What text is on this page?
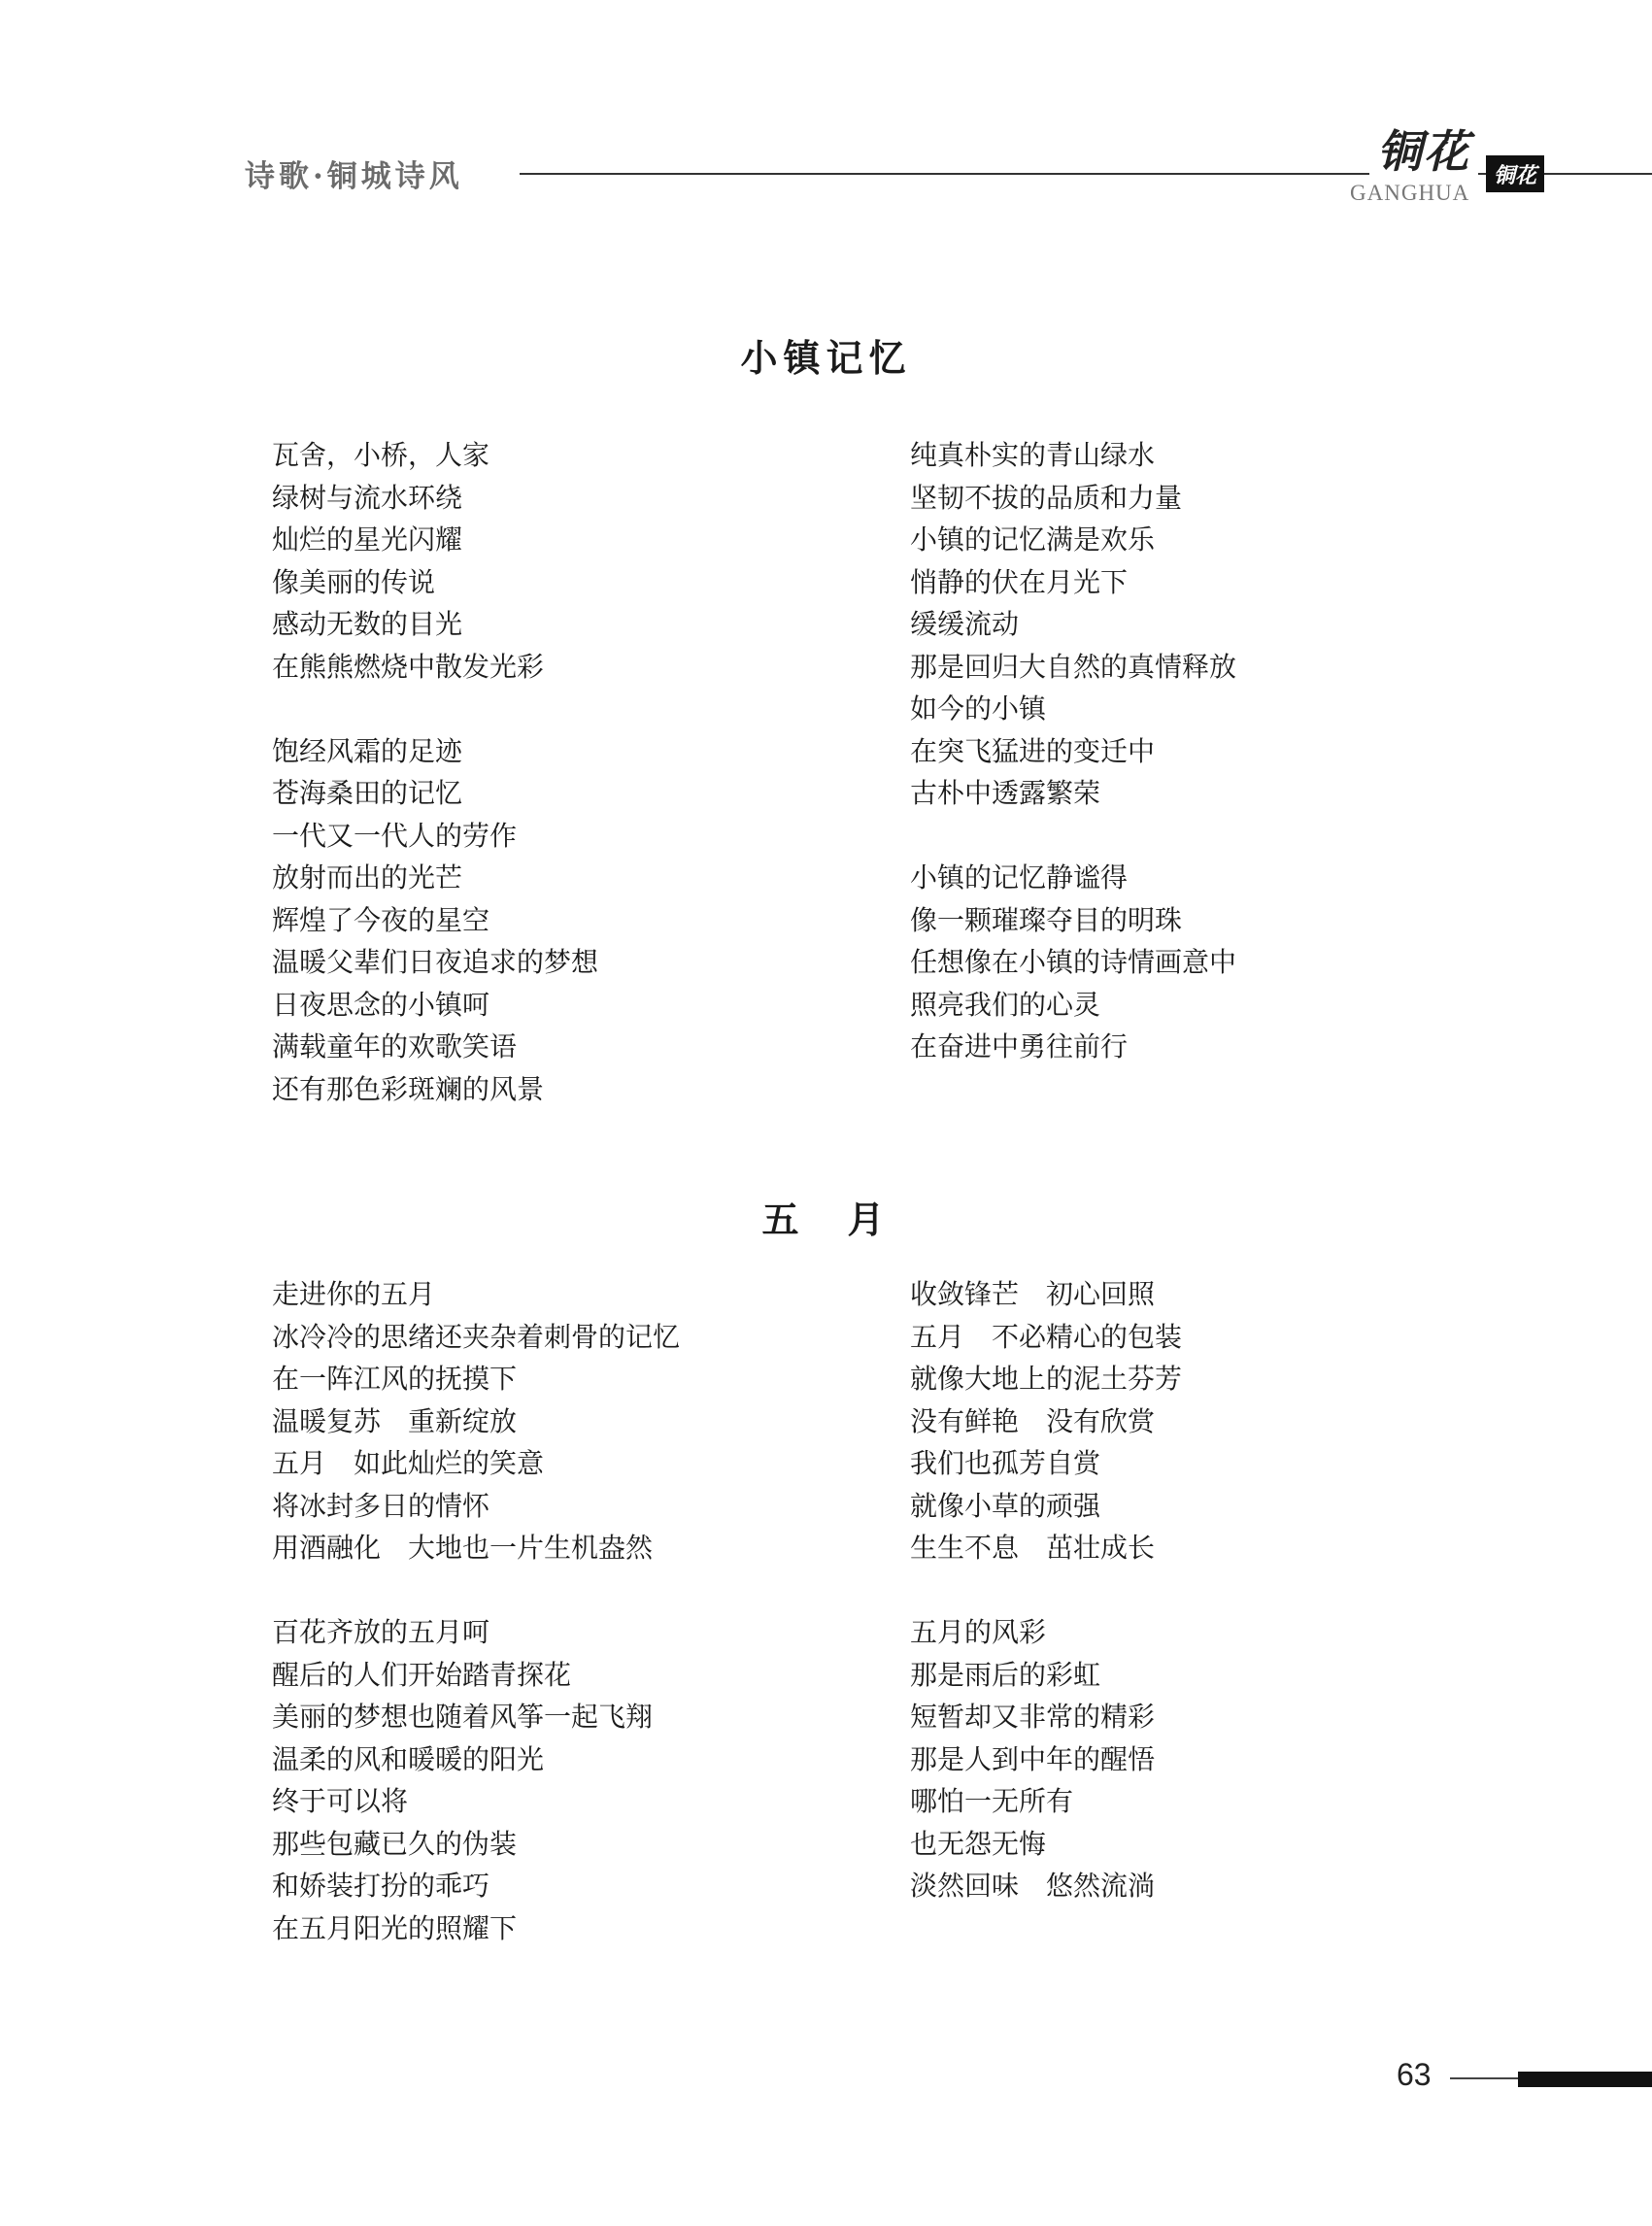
诗歌·铜城诗风	铜花
GANGHUA
铜花
小镇记忆
瓦舍，小桥，人家
绿树与流水环绕
灿烂的星光闪耀
像美丽的传说
感动无数的目光
在熊熊燃烧中散发光彩
饱经风霜的足迹
苍海桑田的记忆
一代又一代人的劳作
放射而出的光芒
辉煌了今夜的星空
温暖父辈们日夜追求的梦想
日夜思念的小镇呵
满载童年的欢歌笑语
还有那色彩斑斓的风景
纯真朴实的青山绿水
坚韧不拔的品质和力量
小镇的记忆满是欢乐
悄静的伏在月光下
缓缓流动
那是回归大自然的真情释放
如今的小镇
在突飞猛进的变迁中
古朴中透露繁荣
小镇的记忆静谧得
像一颗璀璨夺目的明珠
任想像在小镇的诗情画意中
照亮我们的心灵
在奋进中勇往前行
五　月
走进你的五月
冰冷冷的思绪还夹杂着刺骨的记忆
在一阵江风的抚摸下
温暖复苏　重新绽放
五月　如此灿烂的笑意
将冰封多日的情怀
用酒融化　大地也一片生机盎然
百花齐放的五月呵
醒后的人们开始踏青探花
美丽的梦想也随着风筝一起飞翔
温柔的风和暖暖的阳光
终于可以将
那些包藏已久的伪装
和娇装打扮的乖巧
在五月阳光的照耀下
收敛锋芒　初心回照
五月　不必精心的包装
就像大地上的泥土芬芳
没有鲜艳　没有欣赏
我们也孤芳自赏
就像小草的顽强
生生不息　茁壮成长
五月的风彩
那是雨后的彩虹
短暂却又非常的精彩
那是人到中年的醒悟
哪怕一无所有
也无怨无悔
淡然回味　悠然流淌
63
